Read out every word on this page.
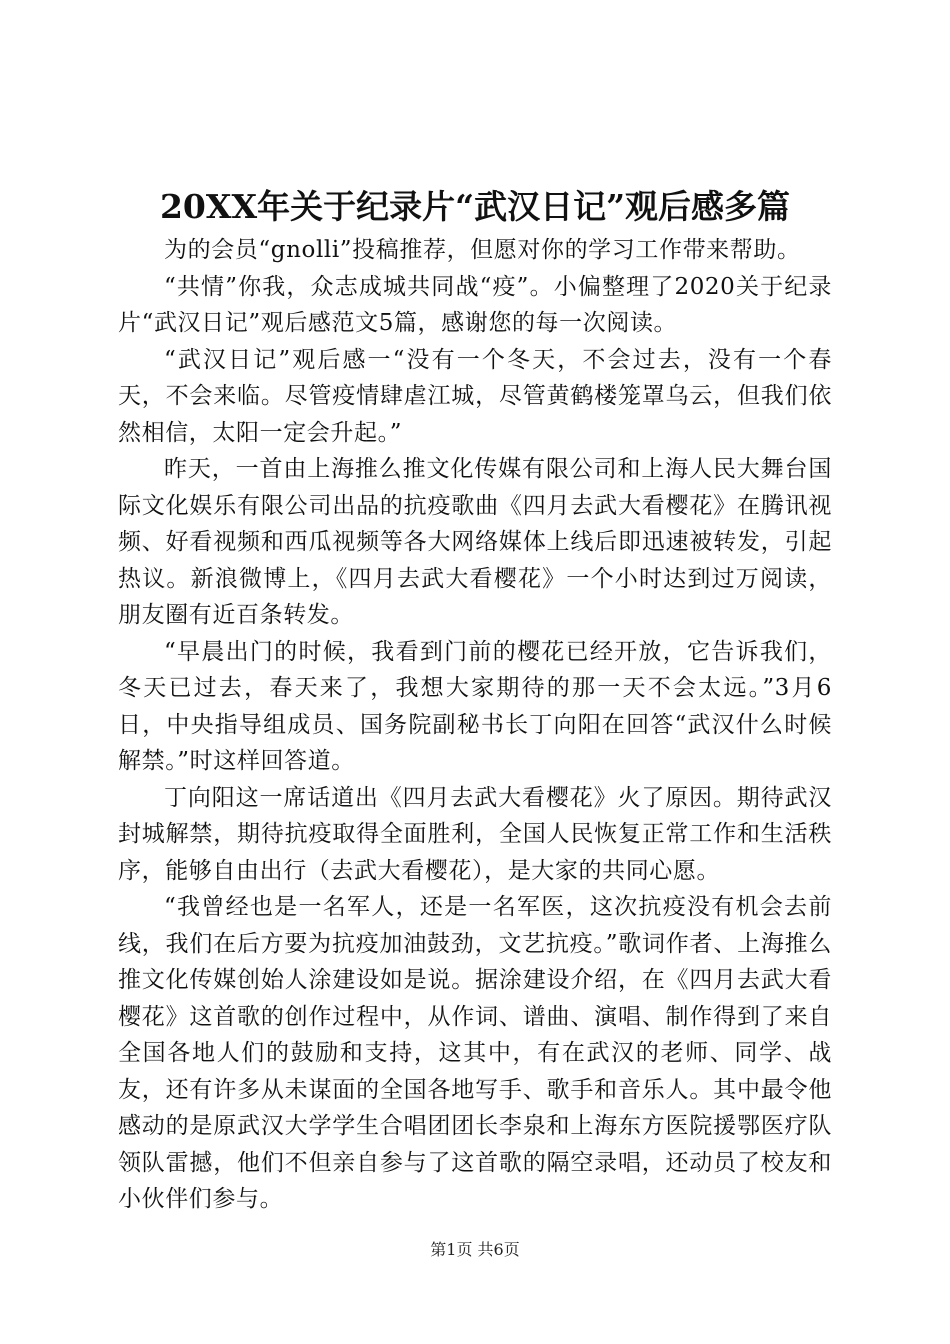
20XX年关于纪录片“武汉日记”观后感多篇

为的会员“gnolli”投稿推荐，但愿对你的学习工作带来帮助。

“共情”你我，众志成城共同战“疫”。小偏整理了2020关于纪录片“武汉日记”观后感范文5篇，感谢您的每一次阅读。

“武汉日记”观后感一“没有一个冬天，不会过去，没有一个春天，不会来临。尽管疫情肆虐江城，尽管黄鹤楼笼罩乌云，但我们依然相信，太阳一定会升起。”

昨天，一首由上海推么推文化传媒有限公司和上海人民大舞台国际文化娱乐有限公司出品的抗疫歌曲《四月去武大看樱花》在腾讯视频、好看视频和西瓜视频等各大网络媒体上线后即迅速被转发，引起热议。新浪微博上，《四月去武大看樱花》一个小时达到过万阅读，朋友圈有近百条转发。

“早晨出门的时候，我看到门前的樱花已经开放，它告诉我们，冬天已过去，春天来了，我想大家期待的那一天不会太远。”3月6日，中央指导组成员、国务院副秘书长丁向阳在回答“武汉什么时候解禁。”时这样回答道。

丁向阳这一席话道出《四月去武大看樱花》火了原因。期待武汉封城解禁，期待抗疫取得全面胜利，全国人民恢复正常工作和生活秩序，能够自由出行（去武大看樱花），是大家的共同心愿。

“我曾经也是一名军人，还是一名军医，这次抗疫没有机会去前线，我们在后方要为抗疫加油鼓劲，文艺抗疫。”歌词作者、上海推么推文化传媒创始人涂建设如是说。据涂建设介绍，在《四月去武大看樱花》这首歌的创作过程中，从作词、谱曲、演唱、制作得到了来自全国各地人们的鼓励和支持，这其中，有在武汉的老师、同学、战友，还有许多从未谋面的全国各地写手、歌手和音乐人。其中最令他感动的是原武汉大学学生合唱团团长李泉和上海东方医院援鄂医疗队领队雷撼，他们不但亲自参与了这首歌的隔空录唱，还动员了校友和小伙伴们参与。

第1页 共6页
